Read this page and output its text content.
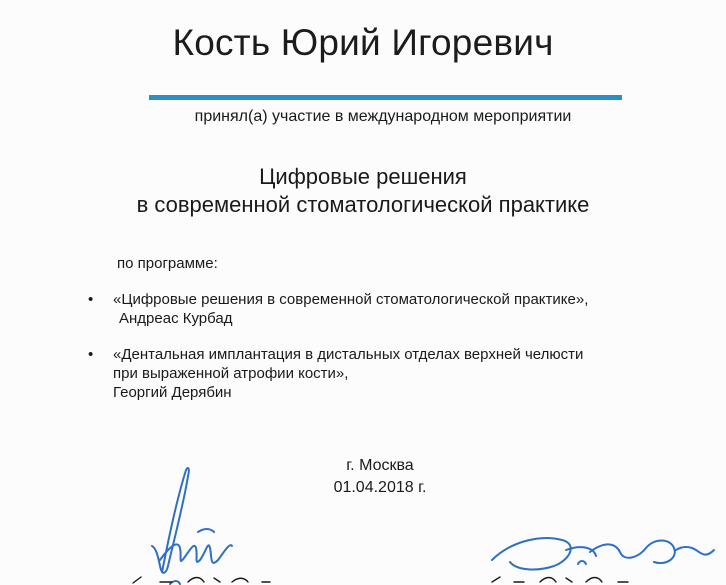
Кость Юрий Игоревич
принял(а) участие в международном мероприятии
Цифровые решения
в современной стоматологической практике
по программе:
• «Цифровые решения в современной стоматологической практике»,
Андреас Курбад
• «Дентальная имплантация в дистальных отделах верхней челюсти
при выраженной атрофии кости»,
Георгий Дерябин
г. Москва
01.04.2018 г.
